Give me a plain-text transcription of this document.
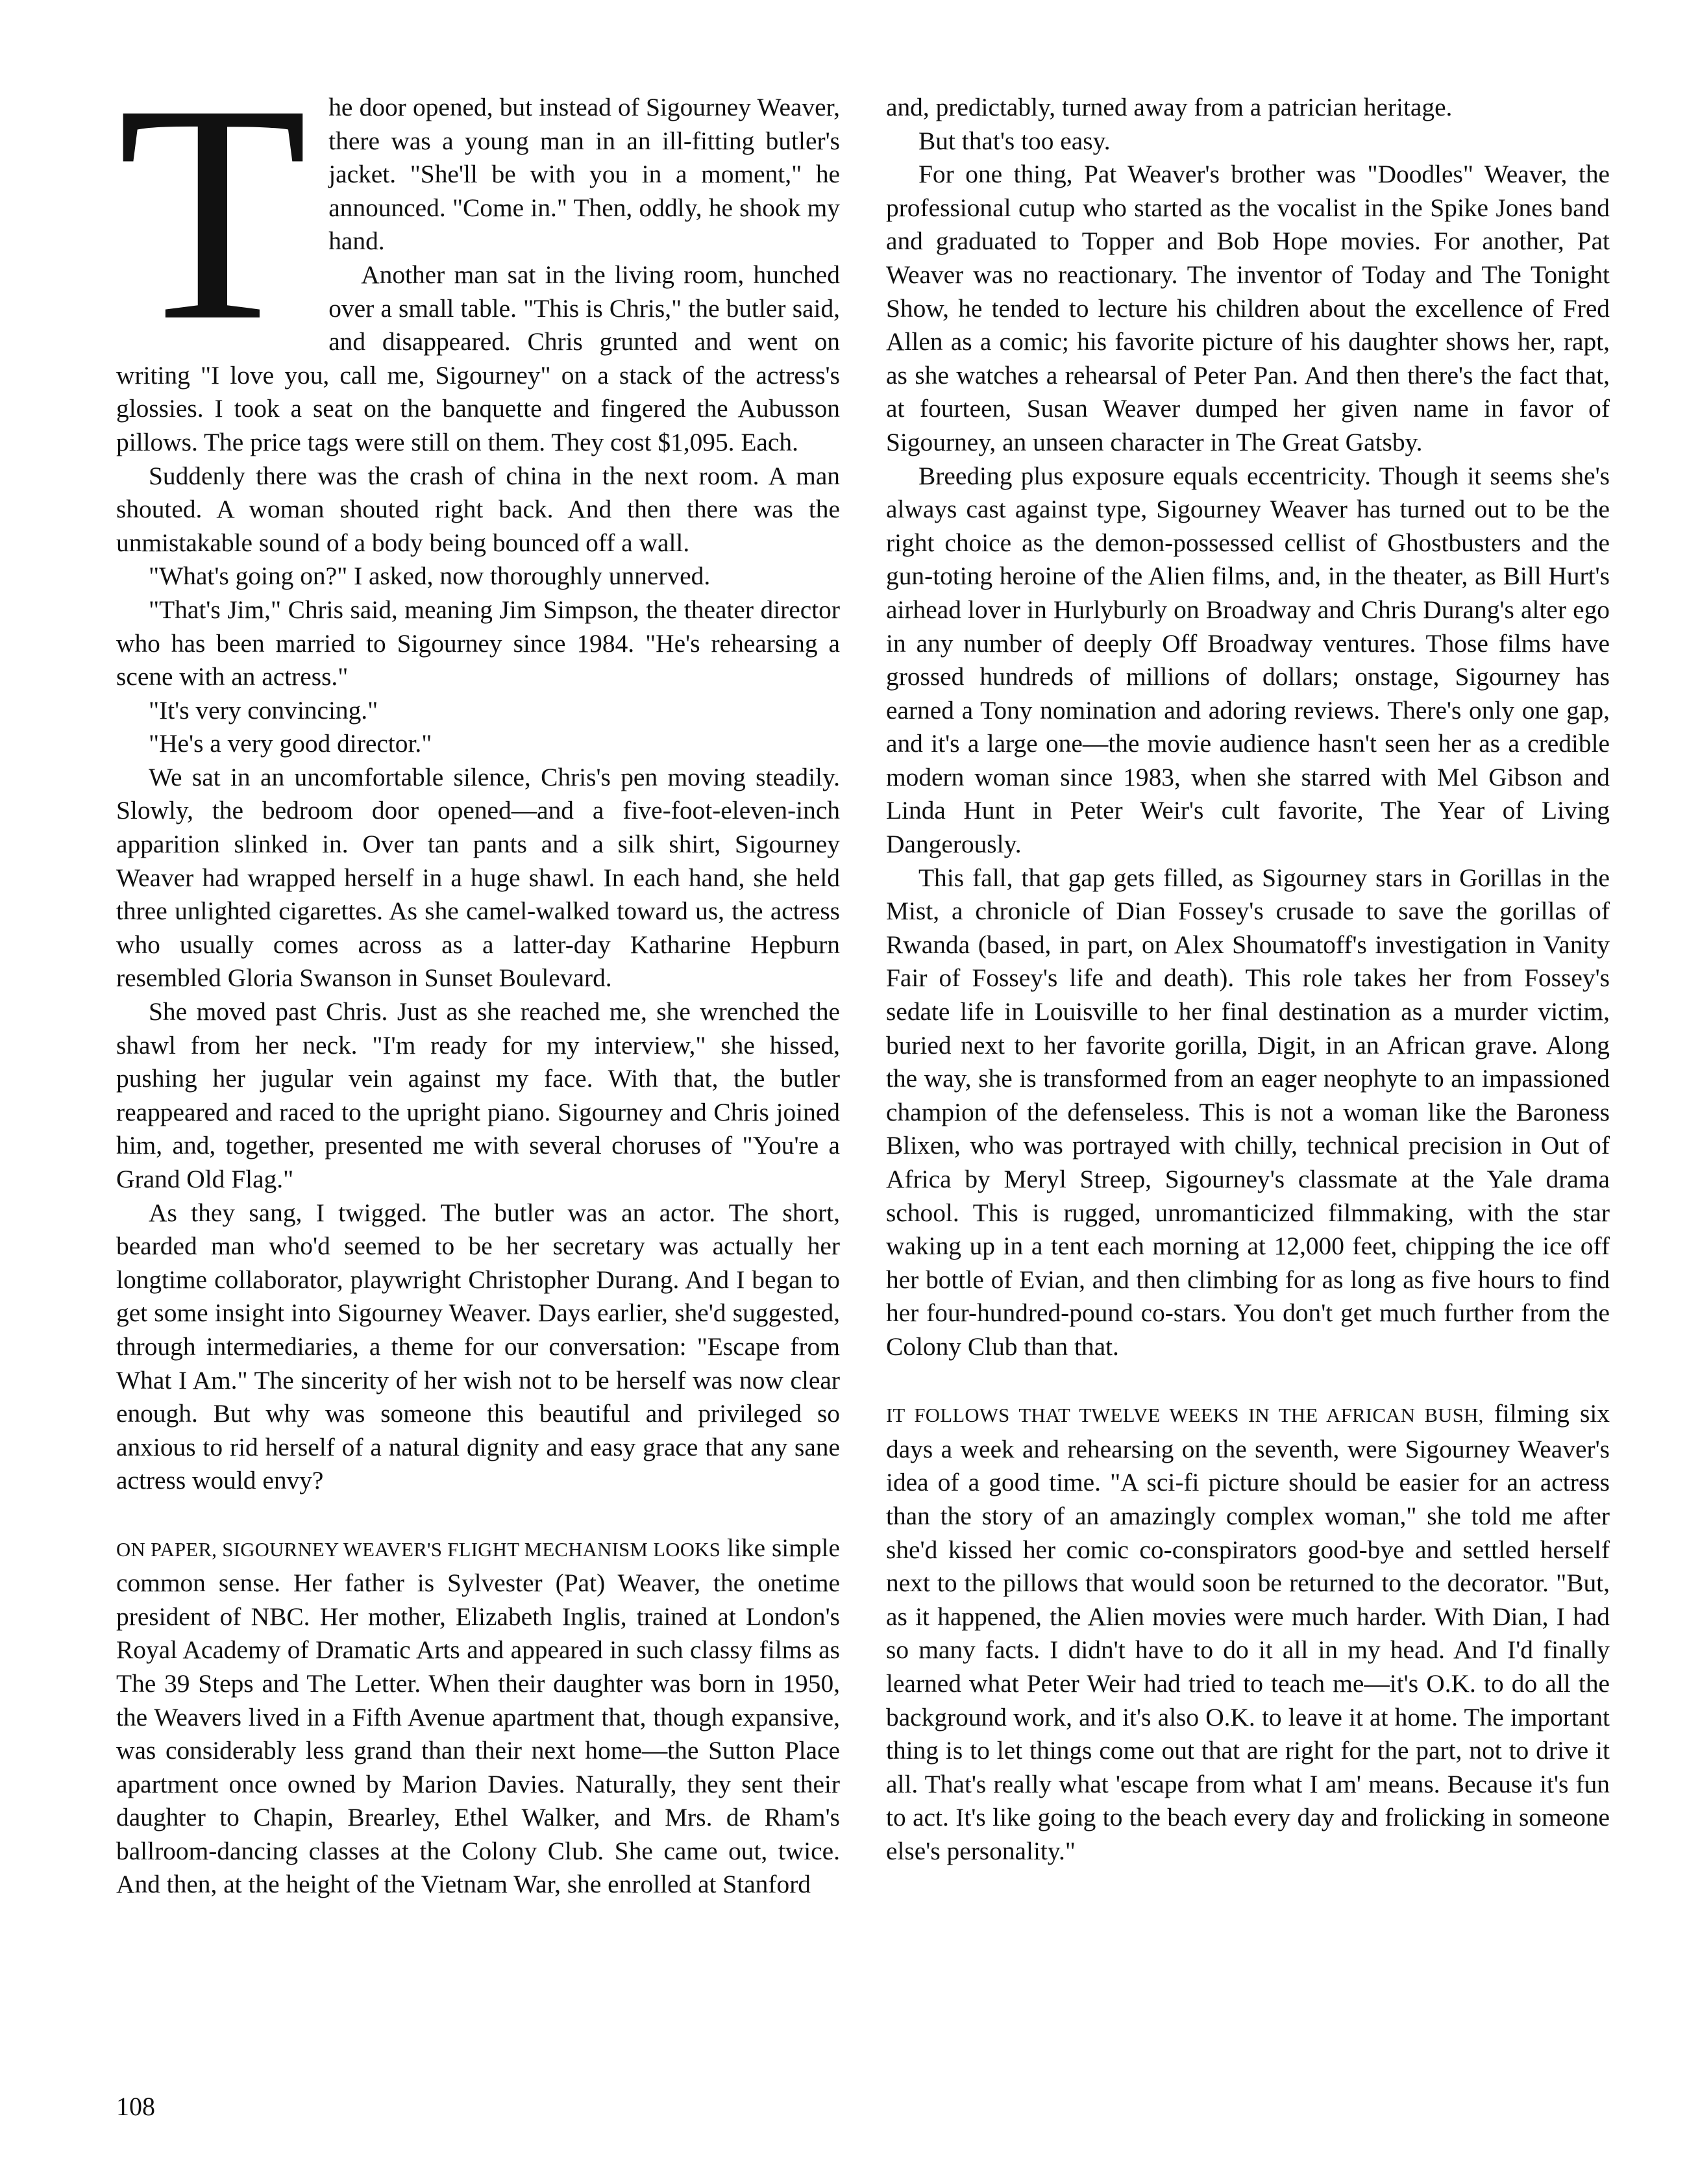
T he door opened, but instead of Sigourney Weaver, there was a young man in an ill-fitting butler's jacket. "She'll be with you in a moment," he announced. "Come in." Then, oddly, he shook my hand.

Another man sat in the living room, hunched over a small table. "This is Chris," the butler said, and disappeared. Chris grunted and went on writing "I love you, call me, Sigourney" on a stack of the actress's glossies. I took a seat on the banquette and fingered the Aubusson pillows. The price tags were still on them. They cost $1,095. Each.

Suddenly there was the crash of china in the next room. A man shouted. A woman shouted right back. And then there was the unmistakable sound of a body being bounced off a wall.

"What's going on?" I asked, now thoroughly unnerved.

"That's Jim," Chris said, meaning Jim Simpson, the theater director who has been married to Sigourney since 1984. "He's rehearsing a scene with an actress."

"It's very convincing."

"He's a very good director."

We sat in an uncomfortable silence, Chris's pen moving steadily. Slowly, the bedroom door opened—and a five-foot-eleven-inch apparition slinked in. Over tan pants and a silk shirt, Sigourney Weaver had wrapped herself in a huge shawl. In each hand, she held three unlighted cigarettes. As she camel-walked toward us, the actress who usually comes across as a latter-day Katharine Hepburn resembled Gloria Swanson in Sunset Boulevard.

She moved past Chris. Just as she reached me, she wrenched the shawl from her neck. "I'm ready for my interview," she hissed, pushing her jugular vein against my face. With that, the butler reappeared and raced to the upright piano. Sigourney and Chris joined him, and, together, presented me with several choruses of "You're a Grand Old Flag."

As they sang, I twigged. The butler was an actor. The short, bearded man who'd seemed to be her secretary was actually her longtime collaborator, playwright Christopher Durang. And I began to get some insight into Sigourney Weaver. Days earlier, she'd suggested, through intermediaries, a theme for our conversation: "Escape from What I Am." The sincerity of her wish not to be herself was now clear enough. But why was someone this beautiful and privileged so anxious to rid herself of a natural dignity and easy grace that any sane actress would envy?

ON PAPER, SIGOURNEY WEAVER'S FLIGHT MECHANISM LOOKS like simple common sense. Her father is Sylvester (Pat) Weaver, the onetime president of NBC. Her mother, Elizabeth Inglis, trained at London's Royal Academy of Dramatic Arts and appeared in such classy films as The 39 Steps and The Letter. When their daughter was born in 1950, the Weavers lived in a Fifth Avenue apartment that, though expansive, was considerably less grand than their next home—the Sutton Place apartment once owned by Marion Davies. Naturally, they sent their daughter to Chapin, Brearley, Ethel Walker, and Mrs. de Rham's ballroom-dancing classes at the Colony Club. She came out, twice. And then, at the height of the Vietnam War, she enrolled at Stanford

and, predictably, turned away from a patrician heritage.

But that's too easy.

For one thing, Pat Weaver's brother was "Doodles" Weaver, the professional cutup who started as the vocalist in the Spike Jones band and graduated to Topper and Bob Hope movies. For another, Pat Weaver was no reactionary. The inventor of Today and The Tonight Show, he tended to lecture his children about the excellence of Fred Allen as a comic; his favorite picture of his daughter shows her, rapt, as she watches a rehearsal of Peter Pan. And then there's the fact that, at fourteen, Susan Weaver dumped her given name in favor of Sigourney, an unseen character in The Great Gatsby.

Breeding plus exposure equals eccentricity. Though it seems she's always cast against type, Sigourney Weaver has turned out to be the right choice as the demon-possessed cellist of Ghostbusters and the gun-toting heroine of the Alien films, and, in the theater, as Bill Hurt's airhead lover in Hurlyburly on Broadway and Chris Durang's alter ego in any number of deeply Off Broadway ventures. Those films have grossed hundreds of millions of dollars; onstage, Sigourney has earned a Tony nomination and adoring reviews. There's only one gap, and it's a large one—the movie audience hasn't seen her as a credible modern woman since 1983, when she starred with Mel Gibson and Linda Hunt in Peter Weir's cult favorite, The Year of Living Dangerously.

This fall, that gap gets filled, as Sigourney stars in Gorillas in the Mist, a chronicle of Dian Fossey's crusade to save the gorillas of Rwanda (based, in part, on Alex Shoumatoff's investigation in Vanity Fair of Fossey's life and death). This role takes her from Fossey's sedate life in Louisville to her final destination as a murder victim, buried next to her favorite gorilla, Digit, in an African grave. Along the way, she is transformed from an eager neophyte to an impassioned champion of the defenseless. This is not a woman like the Baroness Blixen, who was portrayed with chilly, technical precision in Out of Africa by Meryl Streep, Sigourney's classmate at the Yale drama school. This is rugged, unromanticized filmmaking, with the star waking up in a tent each morning at 12,000 feet, chipping the ice off her bottle of Evian, and then climbing for as long as five hours to find her four-hundred-pound co-stars. You don't get much further from the Colony Club than that.

IT FOLLOWS THAT TWELVE WEEKS IN THE AFRICAN BUSH, filming six days a week and rehearsing on the seventh, were Sigourney Weaver's idea of a good time. "A sci-fi picture should be easier for an actress than the story of an amazingly complex woman," she told me after she'd kissed her comic co-conspirators good-bye and settled herself next to the pillows that would soon be returned to the decorator. "But, as it happened, the Alien movies were much harder. With Dian, I had so many facts. I didn't have to do it all in my head. And I'd finally learned what Peter Weir had tried to teach me—it's O.K. to do all the background work, and it's also O.K. to leave it at home. The important thing is to let things come out that are right for the part, not to drive it all. That's really what 'escape from what I am' means. Because it's fun to act. It's like going to the beach every day and frolicking in someone else's personality."

108
